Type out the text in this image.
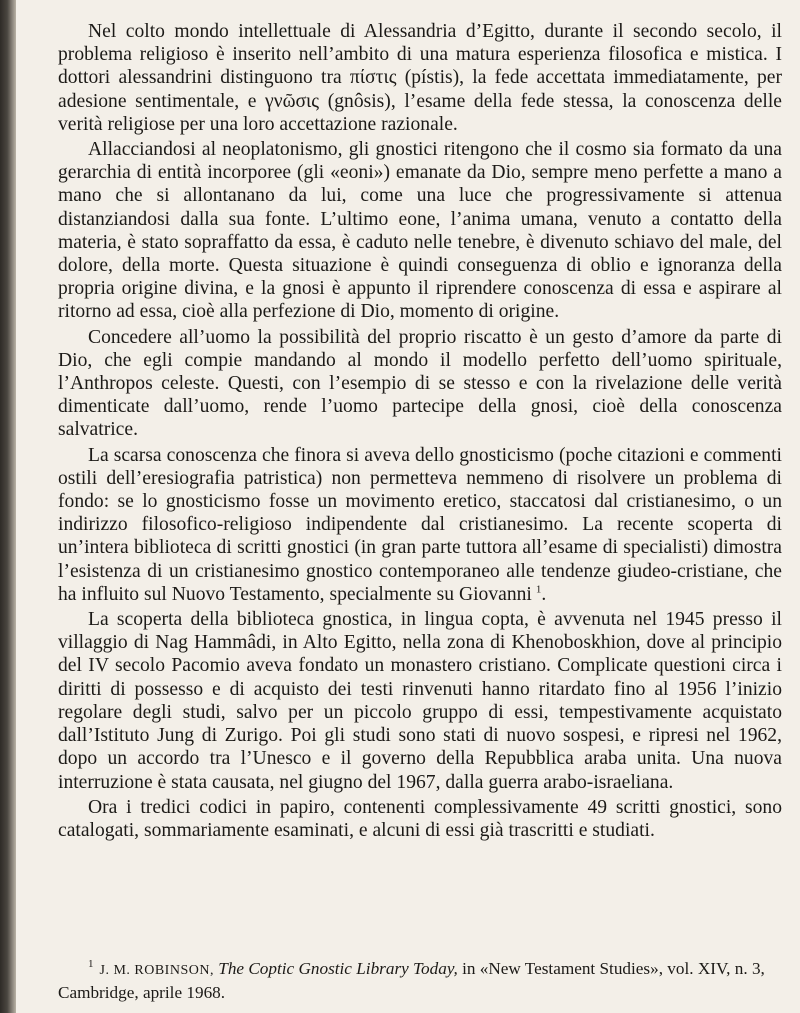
Nel colto mondo intellettuale di Alessandria d’Egitto, durante il secondo secolo, il problema religioso è inserito nell’ambito di una matura esperienza filosofica e mistica. I dottori alessandrini distinguono tra πίστις (pístis), la fede accettata immediatamente, per adesione sentimentale, e γνῶσις (gnôsis), l’esame della fede stessa, la conoscenza delle verità religiose per una loro accettazione razionale.

Allacciandosi al neoplatonismo, gli gnostici ritengono che il cosmo sia formato da una gerarchia di entità incorporee (gli «eoni») emanate da Dio, sempre meno perfette a mano a mano che si allontanano da lui, come una luce che progressivamente si attenua distanziandosi dalla sua fonte. L’ultimo eone, l’anima umana, venuto a contatto della materia, è stato sopraffatto da essa, è caduto nelle tenebre, è divenuto schiavo del male, del dolore, della morte. Questa situazione è quindi conseguenza di oblio e ignoranza della propria origine divina, e la gnosi è appunto il riprendere conoscenza di essa e aspirare al ritorno ad essa, cioè alla perfezione di Dio, momento di origine.

Concedere all’uomo la possibilità del proprio riscatto è un gesto d’amore da parte di Dio, che egli compie mandando al mondo il modello perfetto dell’uomo spirituale, l’Anthropos celeste. Questi, con l’esempio di se stesso e con la rivelazione delle verità dimenticate dall’uomo, rende l’uomo partecipe della gnosi, cioè della conoscenza salvatrice.

La scarsa conoscenza che finora si aveva dello gnosticismo (poche citazioni e commenti ostili dell’eresiografia patristica) non permetteva nemmeno di risolvere un problema di fondo: se lo gnosticismo fosse un movimento eretico, staccatosi dal cristianesimo, o un indirizzo filosofico-religioso indipendente dal cristianesimo. La recente scoperta di un’intera biblioteca di scritti gnostici (in gran parte tuttora all’esame di specialisti) dimostra l’esistenza di un cristianesimo gnostico contemporaneo alle tendenze giudeo-cristiane, che ha influito sul Nuovo Testamento, specialmente su Giovanni  $^1$.

La scoperta della biblioteca gnostica, in lingua copta, è avvenuta nel 1945 presso il villaggio di Nag Hammâdi, in Alto Egitto, nella zona di Khenoboskhion, dove al principio del IV secolo Pacomio aveva fondato un monastero cristiano. Complicate questioni circa i diritti di possesso e di acquisto dei testi rinvenuti hanno ritardato fino al 1956 l’inizio regolare degli studi, salvo per un piccolo gruppo di essi, tempestivamente acquistato dall’Istituto Jung di Zurigo. Poi gli studi sono stati di nuovo sospesi, e ripresi nel 1962, dopo un accordo tra l’Unesco e il governo della Repubblica araba unita. Una nuova interruzione è stata causata, nel giugno del 1967, dalla guerra arabo-israeliana.

Ora i tredici codici in papiro, contenenti complessivamente 49 scritti gnostici, sono catalogati, sommariamente esaminati, e alcuni di essi già trascritti e studiati.

$^1$ J. M. ROBINSON, The Coptic Gnostic Library Today, in «New Testament Studies», vol. XIV, n. 3, Cambridge, aprile 1968.
